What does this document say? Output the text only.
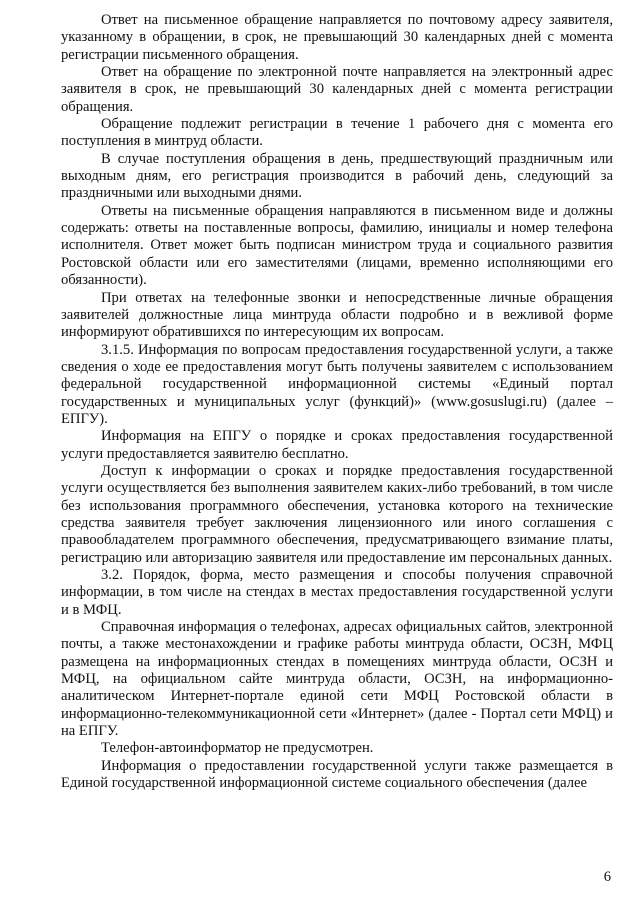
Ответ на письменное обращение направляется по почтовому адресу заявителя, указанному в обращении, в срок, не превышающий 30 календарных дней с момента регистрации письменного обращения.

Ответ на обращение по электронной почте направляется на электронный адрес заявителя в срок, не превышающий 30 календарных дней с момента регистрации обращения.

Обращение подлежит регистрации в течение 1 рабочего дня с момента его поступления в минтруд области.

В случае поступления обращения в день, предшествующий праздничным или выходным дням, его регистрация производится в рабочий день, следующий за праздничными или выходными днями.

Ответы на письменные обращения направляются в письменном виде и должны содержать: ответы на поставленные вопросы, фамилию, инициалы и номер телефона исполнителя. Ответ может быть подписан министром труда и социального развития Ростовской области или его заместителями (лицами, временно исполняющими его обязанности).

При ответах на телефонные звонки и непосредственные личные обращения заявителей должностные лица минтруда области подробно и в вежливой форме информируют обратившихся по интересующим их вопросам.

3.1.5. Информация по вопросам предоставления государственной услуги, а также сведения о ходе ее предоставления могут быть получены заявителем с использованием федеральной государственной информационной системы «Единый портал государственных и муниципальных услуг (функций)» (www.gosuslugi.ru) (далее – ЕПГУ).

Информация на ЕПГУ о порядке и сроках предоставления государственной услуги предоставляется заявителю бесплатно.

Доступ к информации о сроках и порядке предоставления государственной услуги осуществляется без выполнения заявителем каких-либо требований, в том числе без использования программного обеспечения, установка которого на технические средства заявителя требует заключения лицензионного или иного соглашения с правообладателем программного обеспечения, предусматривающего взимание платы, регистрацию или авторизацию заявителя или предоставление им персональных данных.

3.2. Порядок, форма, место размещения и способы получения справочной информации, в том числе на стендах в местах предоставления государственной услуги и в МФЦ.

Справочная информация о телефонах, адресах официальных сайтов, электронной почты, а также местонахождении и графике работы минтруда области, ОСЗН, МФЦ размещена на информационных стендах в помещениях минтруда области, ОСЗН и МФЦ, на официальном сайте минтруда области, ОСЗН, на информационно-аналитическом Интернет-портале единой сети МФЦ Ростовской области в информационно-телекоммуникационной сети «Интернет» (далее - Портал сети МФЦ) и на ЕПГУ.

Телефон-автоинформатор не предусмотрен.

Информация о предоставлении государственной услуги также размещается в Единой государственной информационной системе социального обеспечения (далее

6
